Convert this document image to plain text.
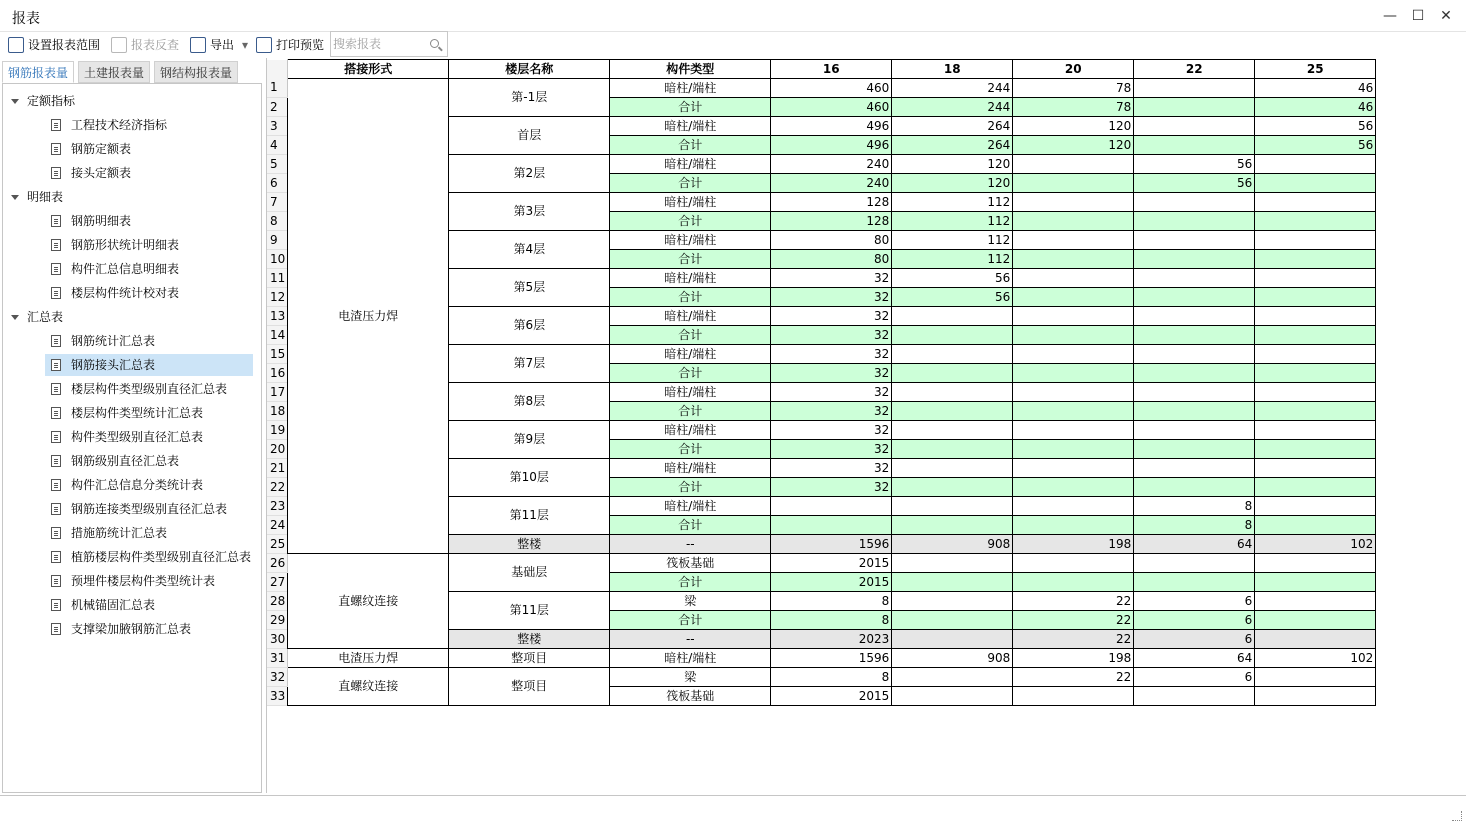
报表	— ☐ ✕
设置报表范围	报表反查	导出 ▾ 打印预览
搜索报表
钢筋报表量	土建报表量	钢结构报表量
定额指标
工程技术经济指标
钢筋定额表
接头定额表
明细表
钢筋明细表
钢筋形状统计明细表
构件汇总信息明细表
楼层构件统计校对表
汇总表
钢筋统计汇总表
钢筋接头汇总表
楼层构件类型级别直径汇总表
楼层构件类型统计汇总表
构件类型级别直径汇总表
钢筋级别直径汇总表
构件汇总信息分类统计表
钢筋连接类型级别直径汇总表
措施筋统计汇总表
植筋楼层构件类型级别直径汇总表
预埋件楼层构件类型统计表
机械锚固汇总表
支撑梁加腋钢筋汇总表
	搭接形式	楼层名称	构件类型	16	18	20	22	25
1	电渣压力焊	第-1层	暗柱/端柱	460	244	78		46
2			合计	460	244	78		46
3		首层	暗柱/端柱	496	264	120		56
4			合计	496	264	120		56
5		第2层	暗柱/端柱	240	120		56	
6			合计	240	120		56	
7		第3层	暗柱/端柱	128	112			
8			合计	128	112			
9		第4层	暗柱/端柱	80	112			
10			合计	80	112			
11		第5层	暗柱/端柱	32	56			
12			合计	32	56			
13		第6层	暗柱/端柱	32				
14			合计	32				
15		第7层	暗柱/端柱	32				
16			合计	32				
17		第8层	暗柱/端柱	32				
18			合计	32				
19		第9层	暗柱/端柱	32				
20			合计	32				
21		第10层	暗柱/端柱	32				
22			合计	32				
23		第11层	暗柱/端柱				8	
24			合计				8	
25		整楼	--	1596	908	198	64	102
26	直螺纹连接	基础层	筏板基础	2015				
27			合计	2015				
28		第11层	梁	8		22	6	
29			合计	8		22	6	
30		整楼	--	2023		22	6	
31	电渣压力焊	整项目	暗柱/端柱	1596	908	198	64	102
32	直螺纹连接	整项目	梁	8		22	6	
33			筏板基础	2015				
